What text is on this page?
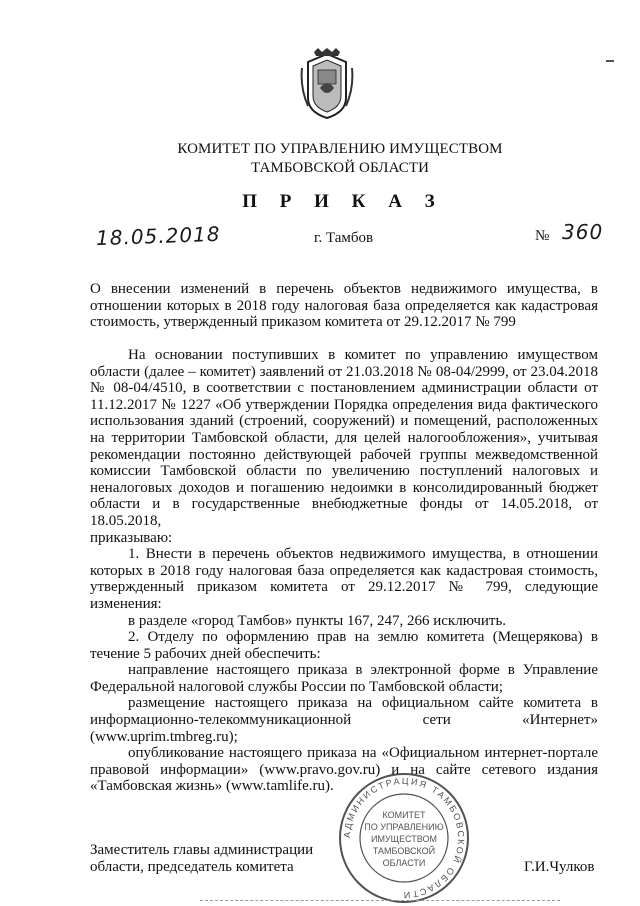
КОМИТЕТ ПО УПРАВЛЕНИЮ ИМУЩЕСТВОМ
ТАМБОВСКОЙ ОБЛАСТИ
П Р И К А З
18.05.2018	г. Тамбов	№ 360
О внесении изменений в перечень объектов недвижимого имущества, в отношении которых в 2018 году налоговая база определяется как кадастровая стоимость, утвержденный приказом комитета от 29.12.2017 № 799

На основании поступивших в комитет по управлению имуществом области (далее – комитет) заявлений от 21.03.2018 № 08-04/2999, от 23.04.2018 № 08-04/4510, в соответствии с постановлением администрации области от 11.12.2017 № 1227 «Об утверждении Порядка определения вида фактического использования зданий (строений, сооружений) и помещений, расположенных на территории Тамбовской области, для целей налогообложения», учитывая рекомендации постоянно действующей рабочей группы межведомственной комиссии Тамбовской области по увеличению поступлений налоговых и неналоговых доходов и погашению недоимки в консолидированный бюджет области и в государственные внебюджетные фонды от 14.05.2018, от 18.05.2018,

приказываю:

1. Внести в перечень объектов недвижимого имущества, в отношении которых в 2018 году налоговая база определяется как кадастровая стоимость, утвержденный приказом комитета от 29.12.2017 № 799, следующие изменения:

в разделе «город Тамбов» пункты 167, 247, 266 исключить.

2. Отделу по оформлению прав на землю комитета (Мещерякова) в течение 5 рабочих дней обеспечить:

направление настоящего приказа в электронной форме в Управление Федеральной налоговой службы России по Тамбовской области;

размещение настоящего приказа на официальном сайте комитета в информационно-телекоммуникационной сети «Интернет» (www.uprim.tmbreg.ru);

опубликование настоящего приказа на «Официальном интернет-портале правовой информации» (www.pravo.gov.ru) и на сайте сетевого издания «Тамбовская жизнь» (www.tamlife.ru).

Заместитель главы администрации
области, председатель комитета	Г.И.Чулков
АДМИНИСТРАЦИЯ ТАМБОВСКОЙ ОБЛАСТИ
КОМИТЕТ
ПО УПРАВЛЕНИЮ
ИМУЩЕСТВОМ
ТАМБОВСКОЙ
ОБЛАСТИ
